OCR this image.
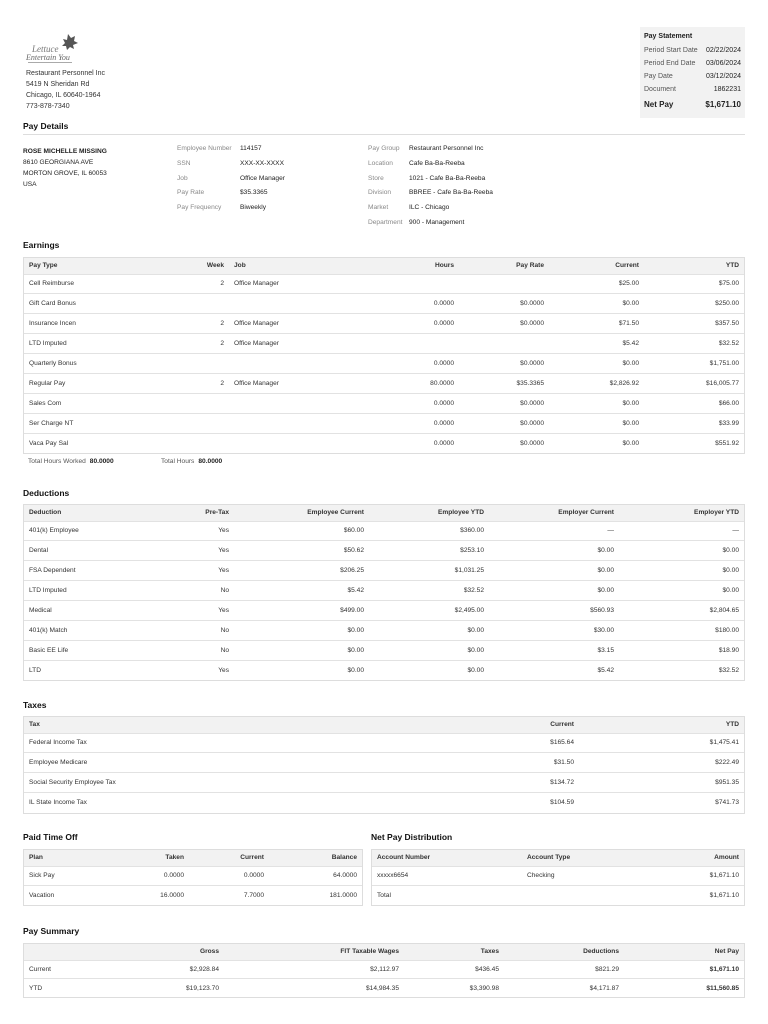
Lettuce
Entertain You
Restaurant Personnel Inc
5419 N Sheridan Rd
Chicago, IL 60640-1964
773-878-7340
Pay Statement
Period Start Date 02/22/2024
Period End Date 03/06/2024
Pay Date	03/12/2024
Document	1862231
Net Pay	$1,671.10
Pay Details
ROSE MICHELLE MISSING
8610 GEORGIANA AVE
MORTON GROVE, IL 60053
USA
Employee Number	114157
SSN	XXX-XX-XXXX
Job	Office Manager
Pay Rate	$35.3365
Pay Frequency	Biweekly
Pay Group	Restaurant Personnel Inc
Location	Cafe Ba-Ba-Reeba
Store	1021 - Cafe Ba-Ba-Reeba
Division	BBREE - Cafe Ba-Ba-Reeba
Market	ILC - Chicago
Department 900 - Management
Earnings
Pay Type	Week	Job	Hours	Pay Rate	Current	YTD
Cell Reimburse	2	Office Manager			$25.00	$75.00
Gift Card Bonus			0.0000	$0.0000	$0.00	$250.00
Insurance Incen	2	Office Manager	0.0000	$0.0000	$71.50	$357.50
LTD Imputed	2	Office Manager			$5.42	$32.52
Quarterly Bonus			0.0000	$0.0000	$0.00	$1,751.00
Regular Pay	2	Office Manager	80.0000	$35.3365	$2,826.92	$16,005.77
Sales Com			0.0000	$0.0000	$0.00	$66.00
Ser Charge NT			0.0000	$0.0000	$0.00	$33.99
Vaca Pay Sal			0.0000	$0.0000	$0.00	$551.92
Total Hours Worked 80.0000	Total Hours 80.0000
Deductions
Deduction	Pre-Tax	Employee Current	Employee YTD	Employer Current	Employer YTD
401(k) Employee	Yes	$60.00	$360.00	—	—
Dental	Yes	$50.62	$253.10	$0.00	$0.00
FSA Dependent	Yes	$206.25	$1,031.25	$0.00	$0.00
LTD Imputed	No	$5.42	$32.52	$0.00	$0.00
Medical	Yes	$499.00	$2,495.00	$560.93	$2,804.65
401(k) Match	No	$0.00	$0.00	$30.00	$180.00
Basic EE Life	No	$0.00	$0.00	$3.15	$18.90
LTD	Yes	$0.00	$0.00	$5.42	$32.52
Taxes
Tax	Current	YTD
Federal Income Tax	$165.64	$1,475.41
Employee Medicare	$31.50	$222.49
Social Security Employee Tax	$134.72	$951.35
IL State Income Tax	$104.59	$741.73
Paid Time Off
Plan	Taken	Current	Balance
Sick Pay	0.0000	0.0000	64.0000
Vacation	16.0000	7.7000	181.0000
Net Pay Distribution
Account Number	Account Type	Amount
xxxxx6654	Checking	$1,671.10
Total		$1,671.10
Pay Summary
	Gross	FIT Taxable Wages	Taxes	Deductions	Net Pay
Current	$2,928.84	$2,112.97	$436.45	$821.29	$1,671.10
YTD	$19,123.70	$14,984.35	$3,390.98	$4,171.87	$11,560.85
